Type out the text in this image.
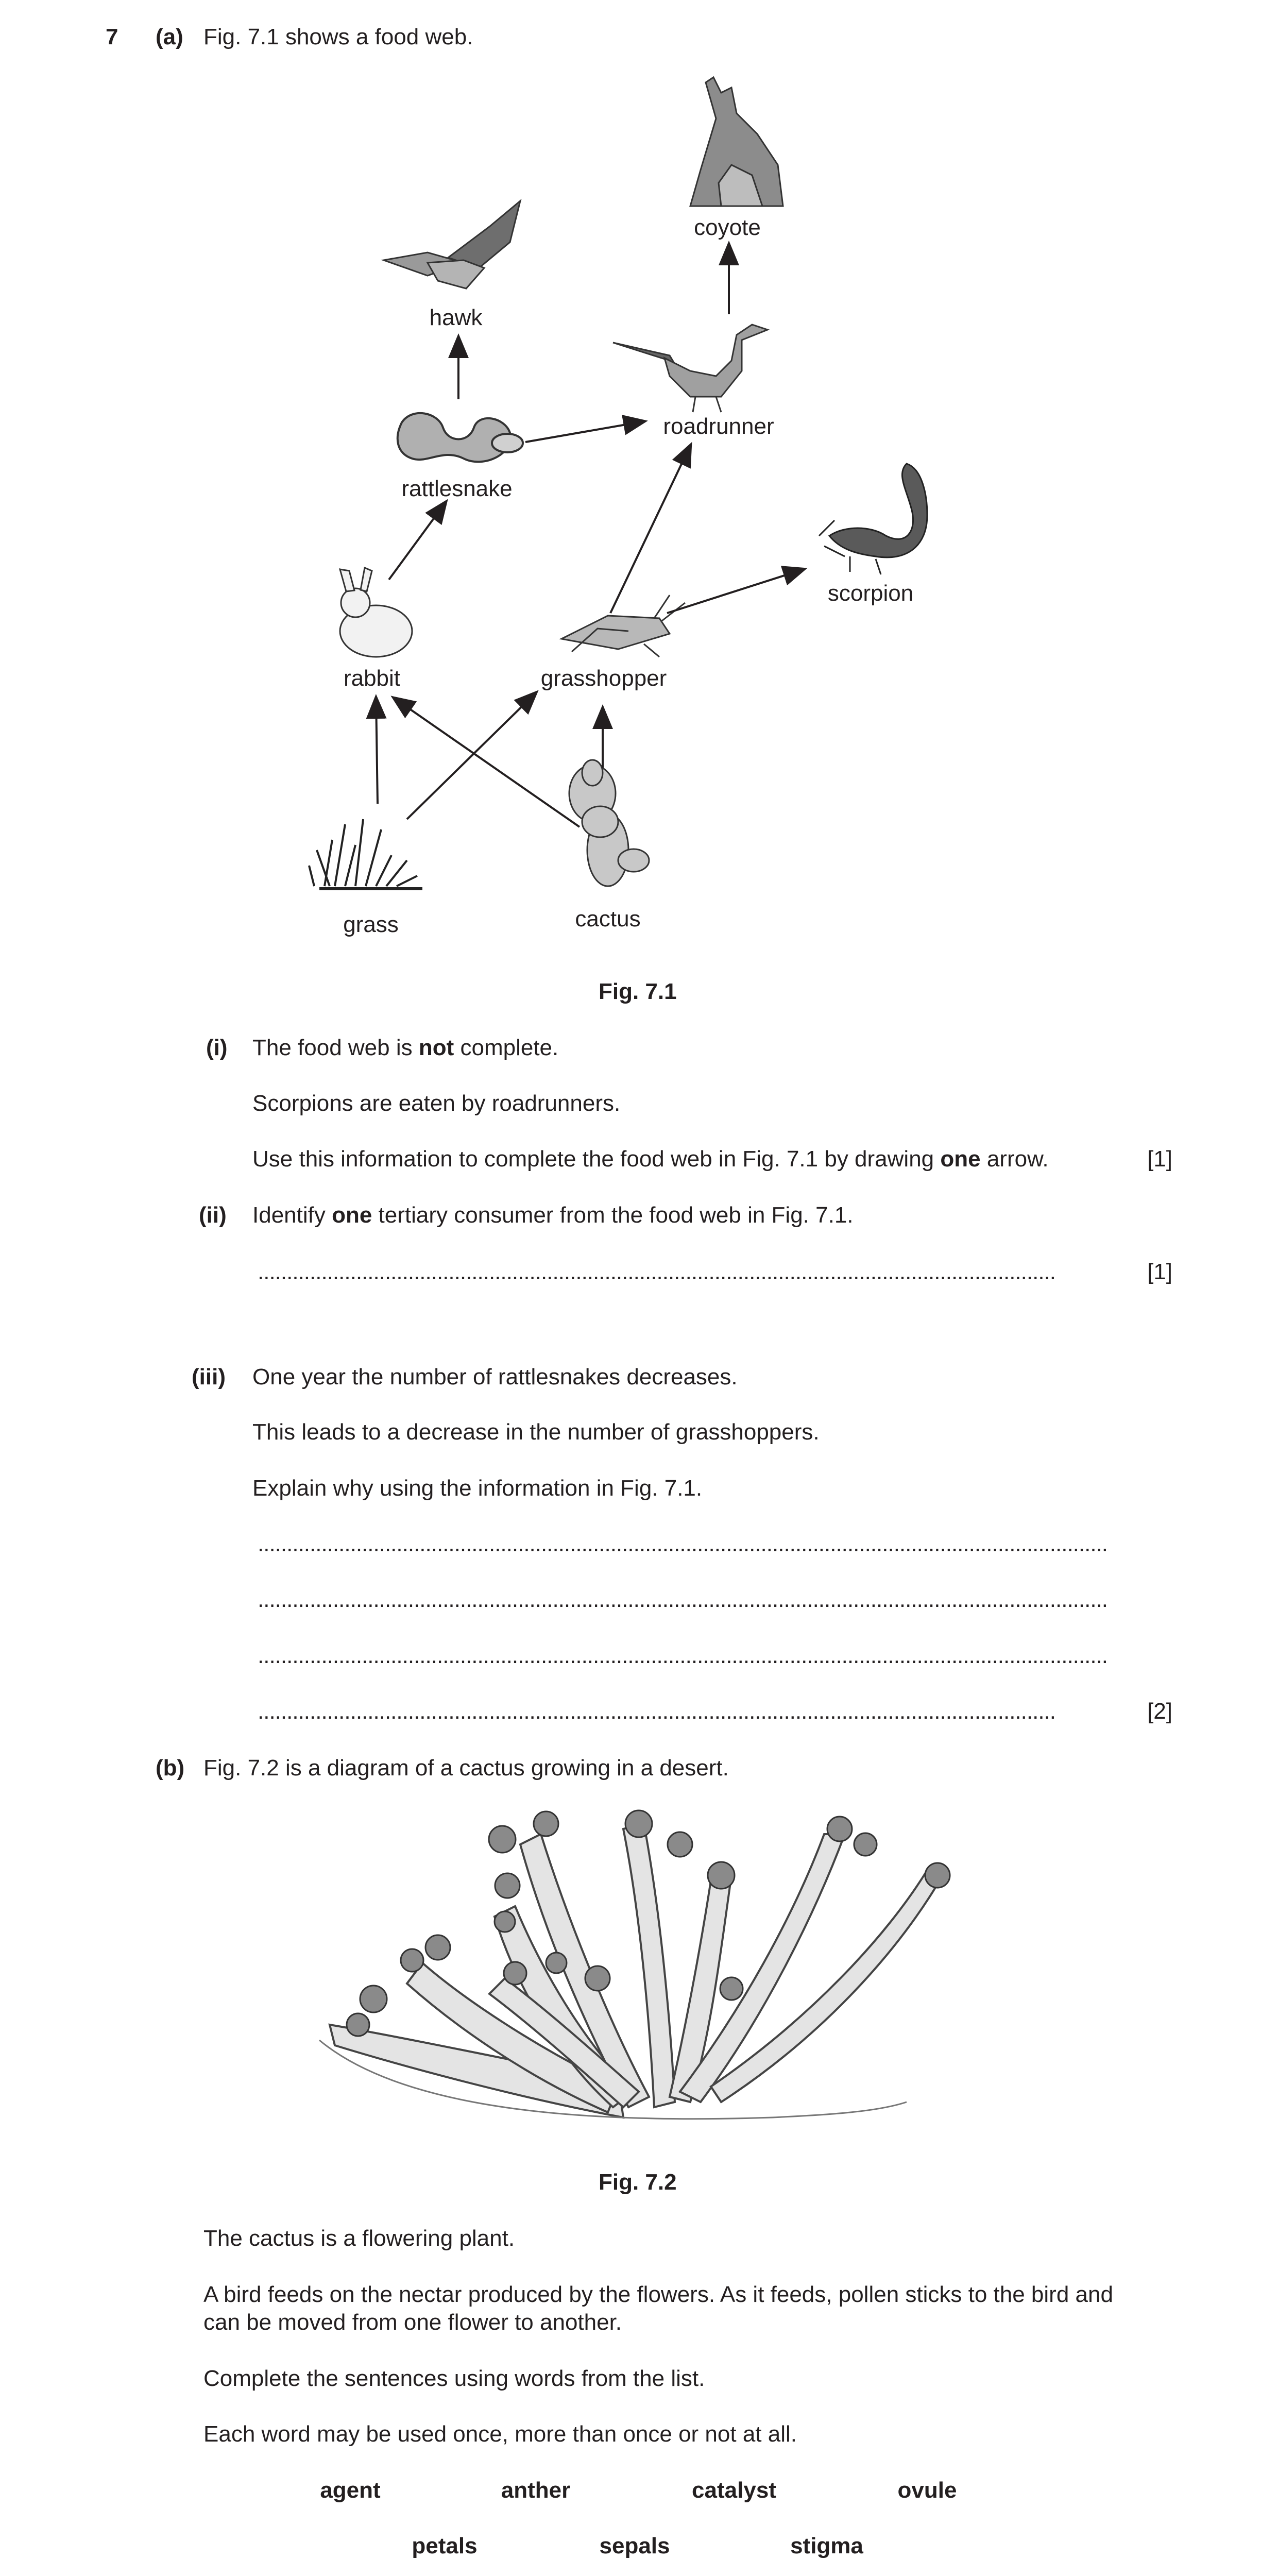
7 (a) Fig. 7.1 shows a food web.
coyote
hawk
roadrunner
rattlesnake
scorpion
rabbit	grasshopper
grass	cactus
Fig. 7.1
(i) The food web is not complete.
Scorpions are eaten by roadrunners.
Use this information to complete the food web in Fig. 7.1 by drawing one arrow.	[1]
(ii) Identify one tertiary consumer from the food web in Fig. 7.1.
..........................................................................................................................................	[1]
(iii) One year the number of rattlesnakes decreases.
This leads to a decrease in the number of grasshoppers.
Explain why using the information in Fig. 7.1.
...................................................................................................................................................
...................................................................................................................................................
...................................................................................................................................................
..........................................................................................................................................	[2]
(b) Fig. 7.2 is a diagram of a cactus growing in a desert.
Fig. 7.2
The cactus is a flowering plant.
A bird feeds on the nectar produced by the flowers. As it feeds, pollen sticks to the bird and
can be moved from one flower to another.
Complete the sentences using words from the list.
Each word may be used once, more than once or not at all.
agent	anther	catalyst	ovule
petals	sepals	stigma
